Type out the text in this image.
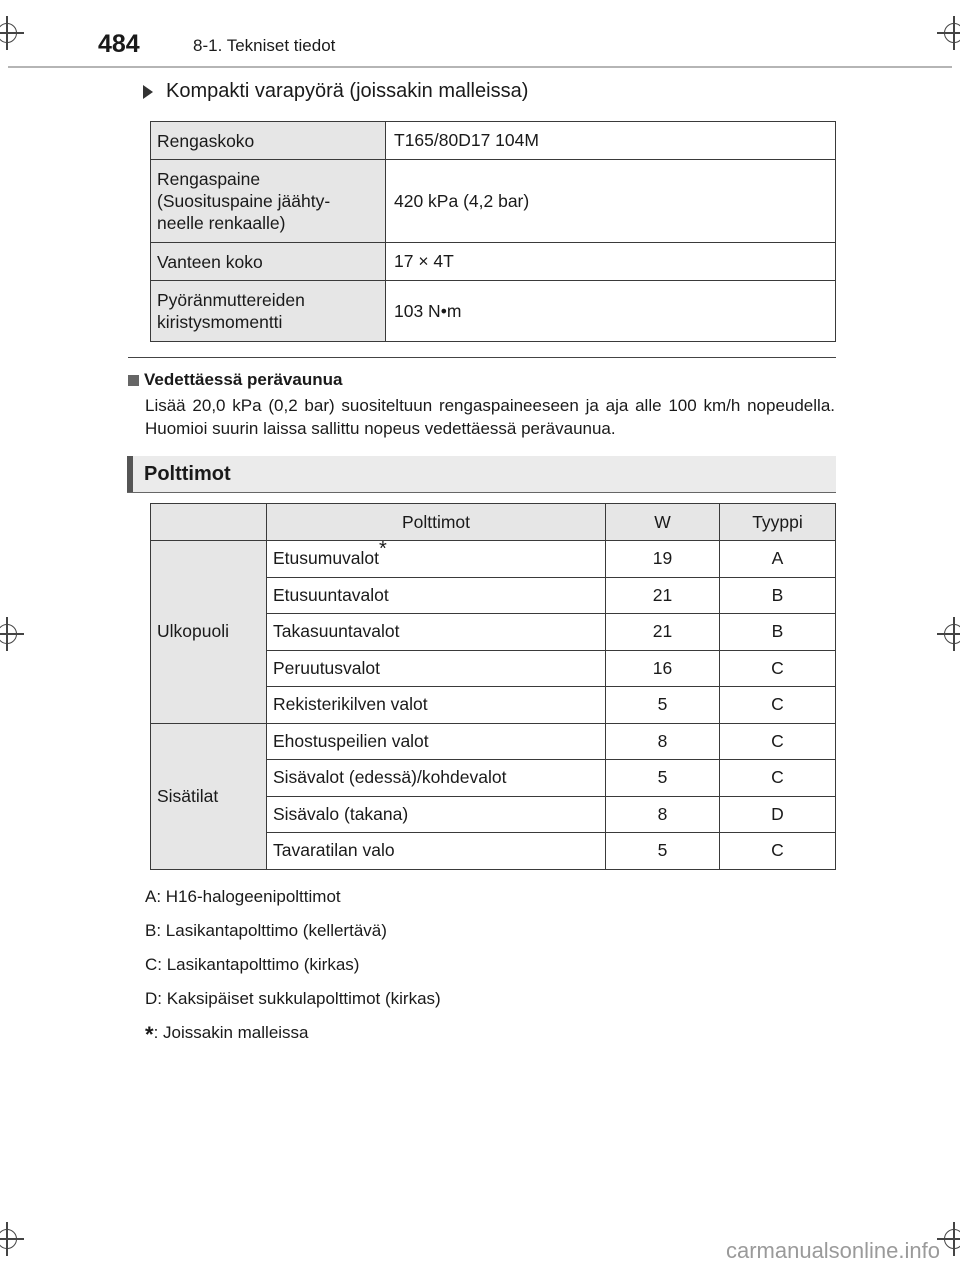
484	8-1. Tekniset tiedot
Kompakti varapyörä (joissakin malleissa)
Rengaskoko	T165/80D17 104M
Rengaspaine (Suosituspaine jäähty- neelle renkaalle)	420 kPa (4,2 bar)
Vanteen koko	17 × 4T
Pyöränmuttereiden kiristysmomentti	103 N•m
Vedettäessä perävaunua
Lisää 20,0 kPa (0,2 bar) suositeltuun rengaspaineeseen ja aja alle 100 km/h nopeudella. Huomioi suurin laissa sallittu nopeus vedettäessä perävaunua.
Polttimot
	Polttimot	W	Tyyppi
Ulkopuoli	Etusumuvalot*	19	A
	Etusuuntavalot	21	B
	Takasuuntavalot	21	B
	Peruutusvalot	16	C
	Rekisterikilven valot	5	C
Sisätilat	Ehostuspeilien valot	8	C
	Sisävalot (edessä)/kohdevalot	5	C
	Sisävalo (takana)	8	D
	Tavaratilan valo	5	C
A: H16-halogeenipolttimot
B: Lasikantapolttimo (kellertävä)
C: Lasikantapolttimo (kirkas)
D: Kaksipäiset sukkulapolttimot (kirkas)
*: Joissakin malleissa
carmanualsonline.info
